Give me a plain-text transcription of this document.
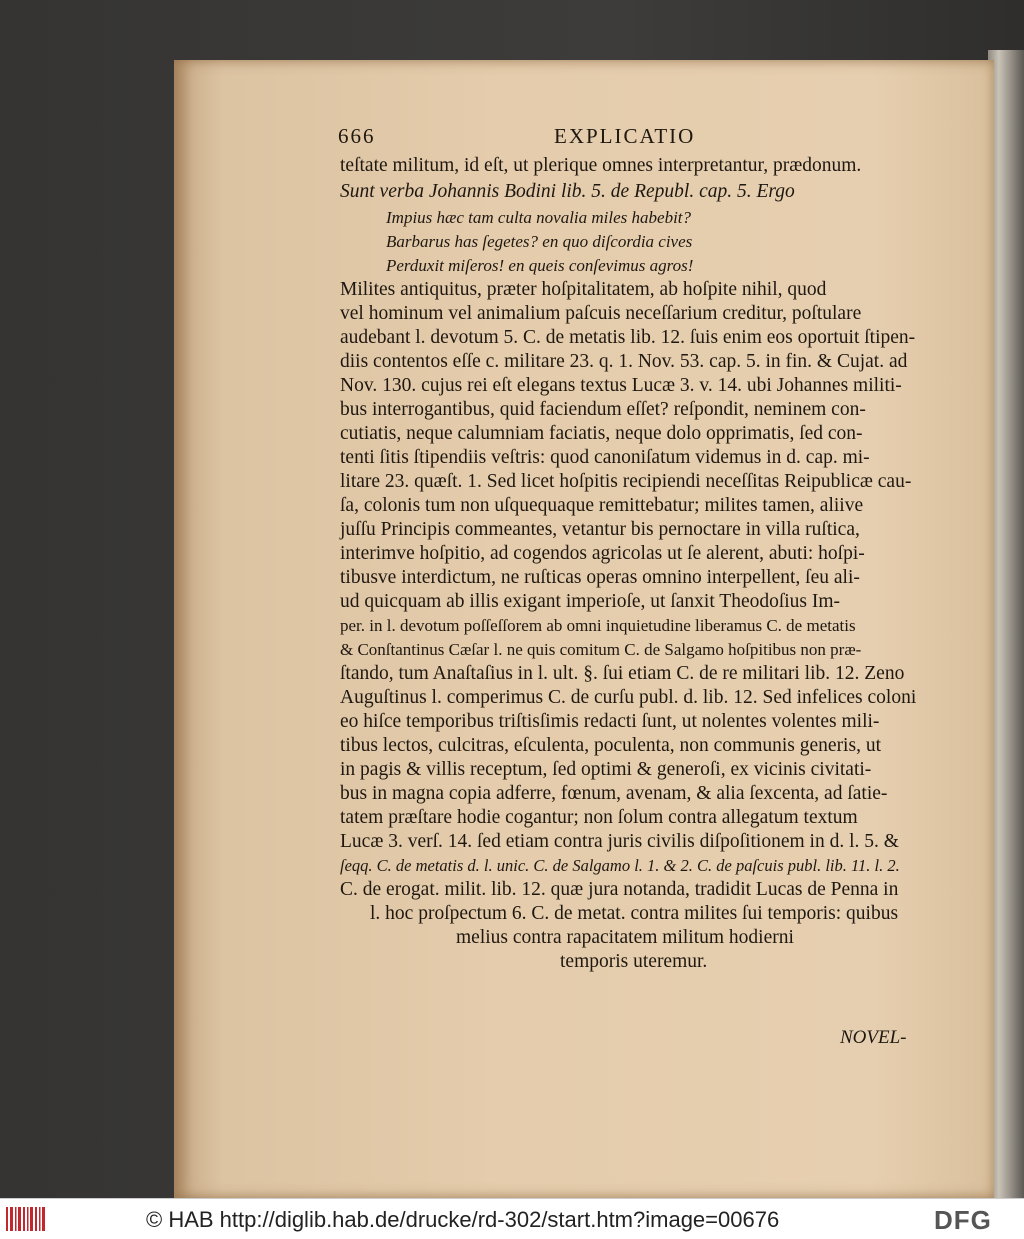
666	EXPLICATIO
teſtate militum, id eſt, ut plerique omnes interpretantur, prædonum.
Sunt verba Johannis Bodini lib. 5. de Republ. cap. 5. Ergo
Impius hæc tam culta novalia miles habebit?
Barbarus has ſegetes? en quo diſcordia cives
Perduxit miſeros! en queis conſevimus agros!
Milites antiquitus, præter hoſpitalitatem, ab hoſpite nihil, quod
vel hominum vel animalium paſcuis neceſſarium creditur, poſtulare
audebant l. devotum 5. C. de metatis lib. 12. ſuis enim eos oportuit ſtipen-
diis contentos eſſe c. militare 23. q. 1. Nov. 53. cap. 5. in fin. & Cujat. ad
Nov. 130. cujus rei eſt elegans textus Lucæ 3. v. 14. ubi Johannes militi-
bus interrogantibus, quid faciendum eſſet? reſpondit, neminem con-
cutiatis, neque calumniam faciatis, neque dolo opprimatis, ſed con-
tenti ſitis ſtipendiis veſtris: quod canoniſatum videmus in d. cap. mi-
litare 23. quæſt. 1. Sed licet hoſpitis recipiendi neceſſitas Reipublicæ cau-
ſa, colonis tum non uſquequaque remittebatur; milites tamen, aliive
juſſu Principis commeantes, vetantur bis pernoctare in villa ruſtica,
interimve hoſpitio, ad cogendos agricolas ut ſe alerent, abuti: hoſpi-
tibusve interdictum, ne ruſticas operas omnino interpellent, ſeu ali-
ud quicquam ab illis exigant imperioſe, ut ſanxit Theodoſius Im-
per. in l. devotum poſſeſſorem ab omni inquietudine liberamus C. de metatis
& Conſtantinus Cæſar l. ne quis comitum C. de Salgamo hoſpitibus non præ-
ſtando, tum Anaſtaſius in l. ult. §. ſui etiam C. de re militari lib. 12. Zeno
Auguſtinus l. comperimus C. de curſu publ. d. lib. 12. Sed infelices coloni
eo hiſce temporibus triſtisſimis redacti ſunt, ut nolentes volentes mili-
tibus lectos, culcitras, eſculenta, poculenta, non communis generis, ut
in pagis & villis receptum, ſed optimi & generoſi, ex vicinis civitati-
bus in magna copia adferre, fœnum, avenam, & alia ſexcenta, ad ſatie-
tatem præſtare hodie cogantur; non ſolum contra allegatum textum
Lucæ 3. verſ. 14. ſed etiam contra juris civilis diſpoſitionem in d. l. 5. &
ſeqq. C. de metatis d. l. unic. C. de Salgamo l. 1. & 2. C. de paſcuis publ. lib. 11. l. 2.
C. de erogat. milit. lib. 12. quæ jura notanda, tradidit Lucas de Penna in
l. hoc proſpectum 6. C. de metat. contra milites ſui temporis: quibus
melius contra rapacitatem militum hodierni
temporis uteremur.
NOVEL-
© HAB http://diglib.hab.de/drucke/rd-302/start.htm?image=00676	DFG
